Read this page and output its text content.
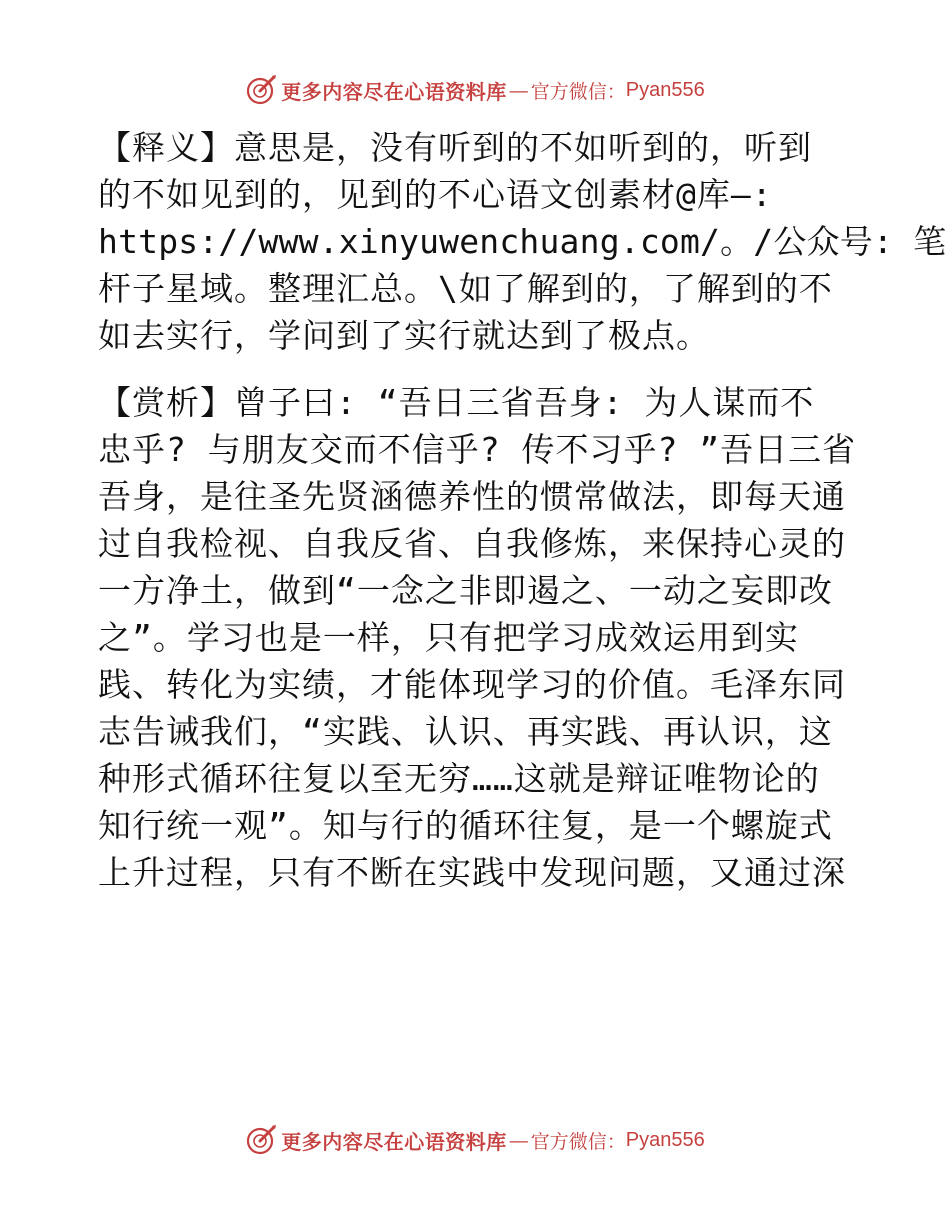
更多内容尽在心语资料库 — 官方微信： Pyan556

【释义】意思是，没有听到的不如听到的，听到
的不如见到的，见到的不心语文创素材@库—:
https://www.xinyuwenchuang.com/。/公众号: 笔
杆子星域。整理汇总。\如了解到的，了解到的不
如去实行，学问到了实行就达到了极点。

【赏析】曾子曰: “吾日三省吾身: 为人谋而不
忠乎? 与朋友交而不信乎? 传不习乎? ”吾日三省
吾身，是往圣先贤涵德养性的惯常做法，即每天通
过自我检视、自我反省、自我修炼，来保持心灵的
一方净土，做到“一念之非即遏之、一动之妄即改
之”。学习也是一样，只有把学习成效运用到实
践、转化为实绩，才能体现学习的价值。毛泽东同
志告诫我们，“实践、认识、再实践、再认识，这
种形式循环往复以至无穷……这就是辩证唯物论的
知行统一观”。知与行的循环往复，是一个螺旋式
上升过程，只有不断在实践中发现问题，又通过深

更多内容尽在心语资料库 — 官方微信： Pyan556
